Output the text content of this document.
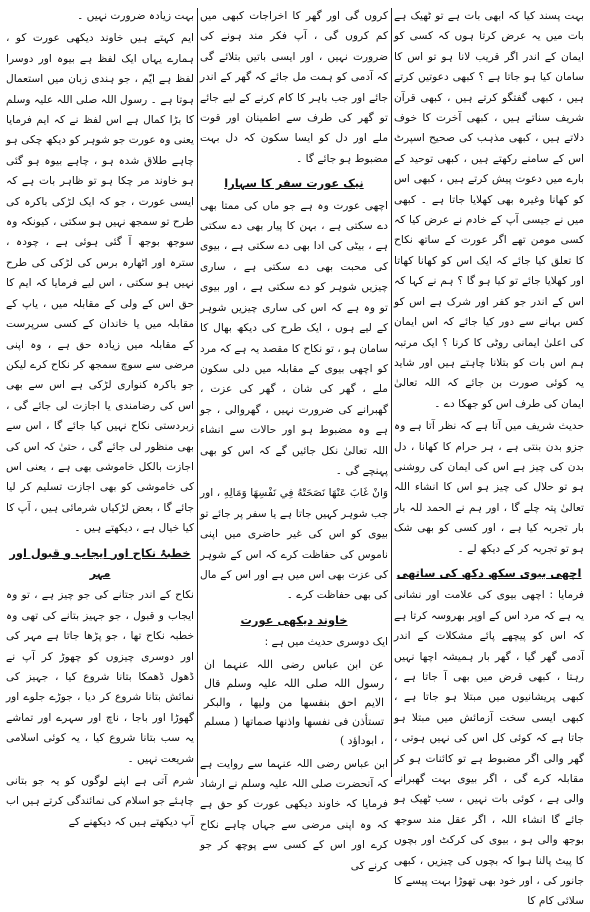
بہت پسند کیا کہ ابھی بات ہے تو ٹھیک ہے بات میں یہ عرض کرتا ہوں کہ کسی کو ایمان کے اندر اگر قریب لانا ہو تو اس کا سامان کیا ہو جاتا ہے ؟ کبھی دعوتیں کرتے ہیں ، کبھی گفتگو کرتے ہیں ، کبھی قرآن شریف سناتے ہیں ، کبھی آخرت کا خوف دلاتے ہیں ، کبھی مذہب کی صحیح اسپرٹ اس کے سامنے رکھتے ہیں ، کبھی توحید کے بارے میں دعوت پیش کرتے ہیں ، کبھی اس کو کھانا وغیرہ بھی کھلایا جاتا ہے ۔ کبھی میں نے جیسی آپ کے خادم نے عرض کیا کہ کسی مومن تھے اگر عورت کے ساتھ نکاح کا تعلق کیا جائے کہ ایک اس کو کھانا کھاتا اور کھلایا جائے تو کیا ہو گا ؟ ہم نے کہا کہ اس کے اندر جو کفر اور شرک ہے اس کو کس بہانے سے دور کیا جائے کہ اس ایمان کی اعلیٰ ایمانی روٹی کا کرنا ؟ ایک مرتبہ ہم اس بات کو بتلانا چاہتے ہیں اور شاید یہ کوئی صورت بن جائے کہ اللہ تعالیٰ ایمان کی طرف اس کو جھکا دے ۔
حدیث شریف میں آتا ہے کہ نظر آتا ہے وہ جزو بدن بنتی ہے ، ہر حرام کا کھانا ، دل بدن کی چیز ہے اس کی ایمان کی روشنی ہو تو حلال کی چیز ہو اس کا انشاء اللہ تعالیٰ پتہ چلے گا ، اور ہم نے الحمد للہ بار بار تجربہ کیا ہے ، اور کسی کو بھی شک ہو تو تجربہ کر کے دیکھ لے ۔
اچھی بیوی سکھ دکھ کی ساتھی
فرمایا : اچھی بیوی کی علامت اور نشانی یہ ہے کہ مرد اس کے اوپر بھروسہ کرتا ہے کہ اس کو پیچھے پائے مشکلات کے اندر آدمی گھر گیا ، گھر بار ہمیشہ اچھا نہیں رہتا ، کبھی قرض میں بھی آ جاتا ہے ، کبھی پریشانیوں میں مبتلا ہو جاتا ہے ، کبھی ایسی سخت آزمائش میں مبتلا ہو جاتا ہے کہ کوئی کل اس کی نہیں ہوتی ، گھر والی اگر مضبوط ہے تو کائنات ہو کر مقابلہ کرے گی ، اگر بیوی بہت گھبرانے والی ہے ، کوئی بات نہیں ، سب ٹھیک ہو جائے گا انشاء اللہ ، اگر عقل مند سوجھ بوجھ والی ہو ، بیوی کی کرکٹ اور بچوں کا پیٹ پالنا ہوا کہ بچوں کی چیزیں ، کبھی جانور کی ، اور خود بھی تھوڑا بہت پیسے کا سلائی کام کا
کروں گی اور گھر کا اخراجات کبھی میں کم کروں گی ، آپ فکر مند ہونے کی ضرورت نہیں ، اور ایسی باتیں بتلائے گی کہ آدمی کو ہمت مل جائے کہ گھر کے اندر جائے اور جب باہر کا کام کرنے کے لیے جائے تو گھر کی طرف سے اطمینان اور قوت ملے اور دل کو ایسا سکون کہ دل بہت مضبوط ہو جائے گا ۔
نیک عورت سفر کا سہارا
اچھی عورت وہ ہے جو ماں کی ممتا بھی دے سکتی ہے ، بہن کا پیار بھی دے سکتی ہے ، بیٹی کی ادا بھی دے سکتی ہے ، بیوی کی محبت بھی دے سکتی ہے ، ساری چیزیں شوہر کو دے سکتی ہے ، اور بیوی تو وہ ہے کہ اس کی ساری چیزیں شوہر کے لیے ہوں ، ایک طرح کی دیکھ بھال کا سامان ہو ، تو نکاح کا مقصد یہ ہے کہ مرد کو اچھی بیوی کے مقابلہ میں دلی سکون ملے ، گھر کی شان ، گھر کی عزت ، گھبرانے کی ضرورت نہیں ، گھروالی ، جو ہے وہ مضبوط ہو اور حالات سے انشاء اللہ تعالیٰ نکل جائیں گے کہ اس کو بھی پہنچے گی ۔
وَانْ غَابَ عَنْهَا نَصَحَتْهُ فِي نَفْسِهَا وَمَالِهِ ، اور جب شوہر کہیں جاتا ہے یا سفر پر جائے تو بیوی کو اس کی غیر حاضری میں اپنی ناموس کی حفاظت کرے کہ اس کے شوہر کی عزت بھی اس میں ہے اور اس کے مال کی بھی حفاظت کرے ۔
خاوند دیکھی عورت
ایک دوسری حدیث میں ہے :
عن ابن عباس رضی اللہ عنہما ان رسول اللہ صلی اللہ علیہ وسلم قال الایم احق بنفسھا من ولیھا ، والبکر تستأذن فی نفسھا واذنھا صماتھا ( مسلم ، ابوداؤد )
ابن عباس رضی اللہ عنہما سے روایت ہے کہ آنحضرت صلی اللہ علیہ وسلم نے ارشاد فرمایا کہ خاوند دیکھی عورت کو حق ہے کہ وہ اپنی مرضی سے جہاں چاہے نکاح کرے اور اس کے کسی سے پوچھ کر جو کرنے کی
بہت زیادہ ضرورت نہیں ۔
ایم کہتے ہیں خاوند دیکھی عورت کو ، ہمارے یہاں ایک لفظ ہے بیوہ اور دوسرا لفظ ہے ایّم ، جو ہندی زبان میں استعمال ہوتا ہے ۔ رسول اللہ صلی اللہ علیہ وسلم کا بڑا کمال ہے اس لفظ نے کہ ایم فرمایا یعنی وہ عورت جو شوہر کو دیکھ چکی ہو چاہے طلاق شدہ ہو ، چاہے بیوہ ہو گئی ہو خاوند مر چکا ہو تو ظاہر بات ہے کہ ایسی عورت ، جو کہ ایک لڑکی باکرہ کی طرح تو سمجھ نہیں ہو سکتی ، کیونکہ وہ سوجھ بوجھ آ گئی ہوئی ہے ، چودہ ، سترہ اور اٹھارہ برس کی لڑکی کی طرح نہیں ہو سکتی ، اس لیے فرمایا کہ ایم کا حق اس کے ولی کے مقابلہ میں ، یاپ کے مقابلہ میں یا خاندان کے کسی سرپرست کے مقابلہ میں زیادہ حق ہے ، وہ اپنی مرضی سے سوچ سمجھ کر نکاح کرے لیکن جو باکرہ کنواری لڑکی ہے اس سے بھی اس کی رضامندی یا اجازت لی جائے گی ، زبردستی نکاح نہیں کیا جائے گا ، اس سے بھی منظور لی جائے گی ، حتیٰ کہ اس کی اجازت بالکل خاموشی بھی ہے ، یعنی اس کی خاموشی کو بھی اجازت تسلیم کر لیا جائے گا ، بعض لڑکیاں شرمائی ہیں ، آپ کا کیا خیال ہے ، دیکھتے ہیں ۔
خطبۂ نکاح اور ایجاب و قبول اور مہر
نکاح کے اندر جتانے کی جو چیز ہے ، تو وہ ایجاب و قبول ، جو جہیز بتانے کی تھی وہ خطبہ نکاح تھا ، جو پڑھا جاتا ہے مہر کی اور دوسری چیزوں کو چھوڑ کر آپ نے ڈھول ڈھمکا بتانا شروع کیا ، جہیز کی نمائش بتانا شروع کر دیا ، جوڑے جلوے اور گھوڑا اور باجا ، ناچ اور سہرے اور تماشے یہ سب بتانا شروع کیا ، یہ کوئی اسلامی شریعت نہیں ۔
شرم آتی ہے اپنے لوگوں کو یہ جو بتانی چاہئے جو اسلام کی نمائندگی کرتے ہیں اب آپ دیکھتے ہیں کہ دیکھنے کے
